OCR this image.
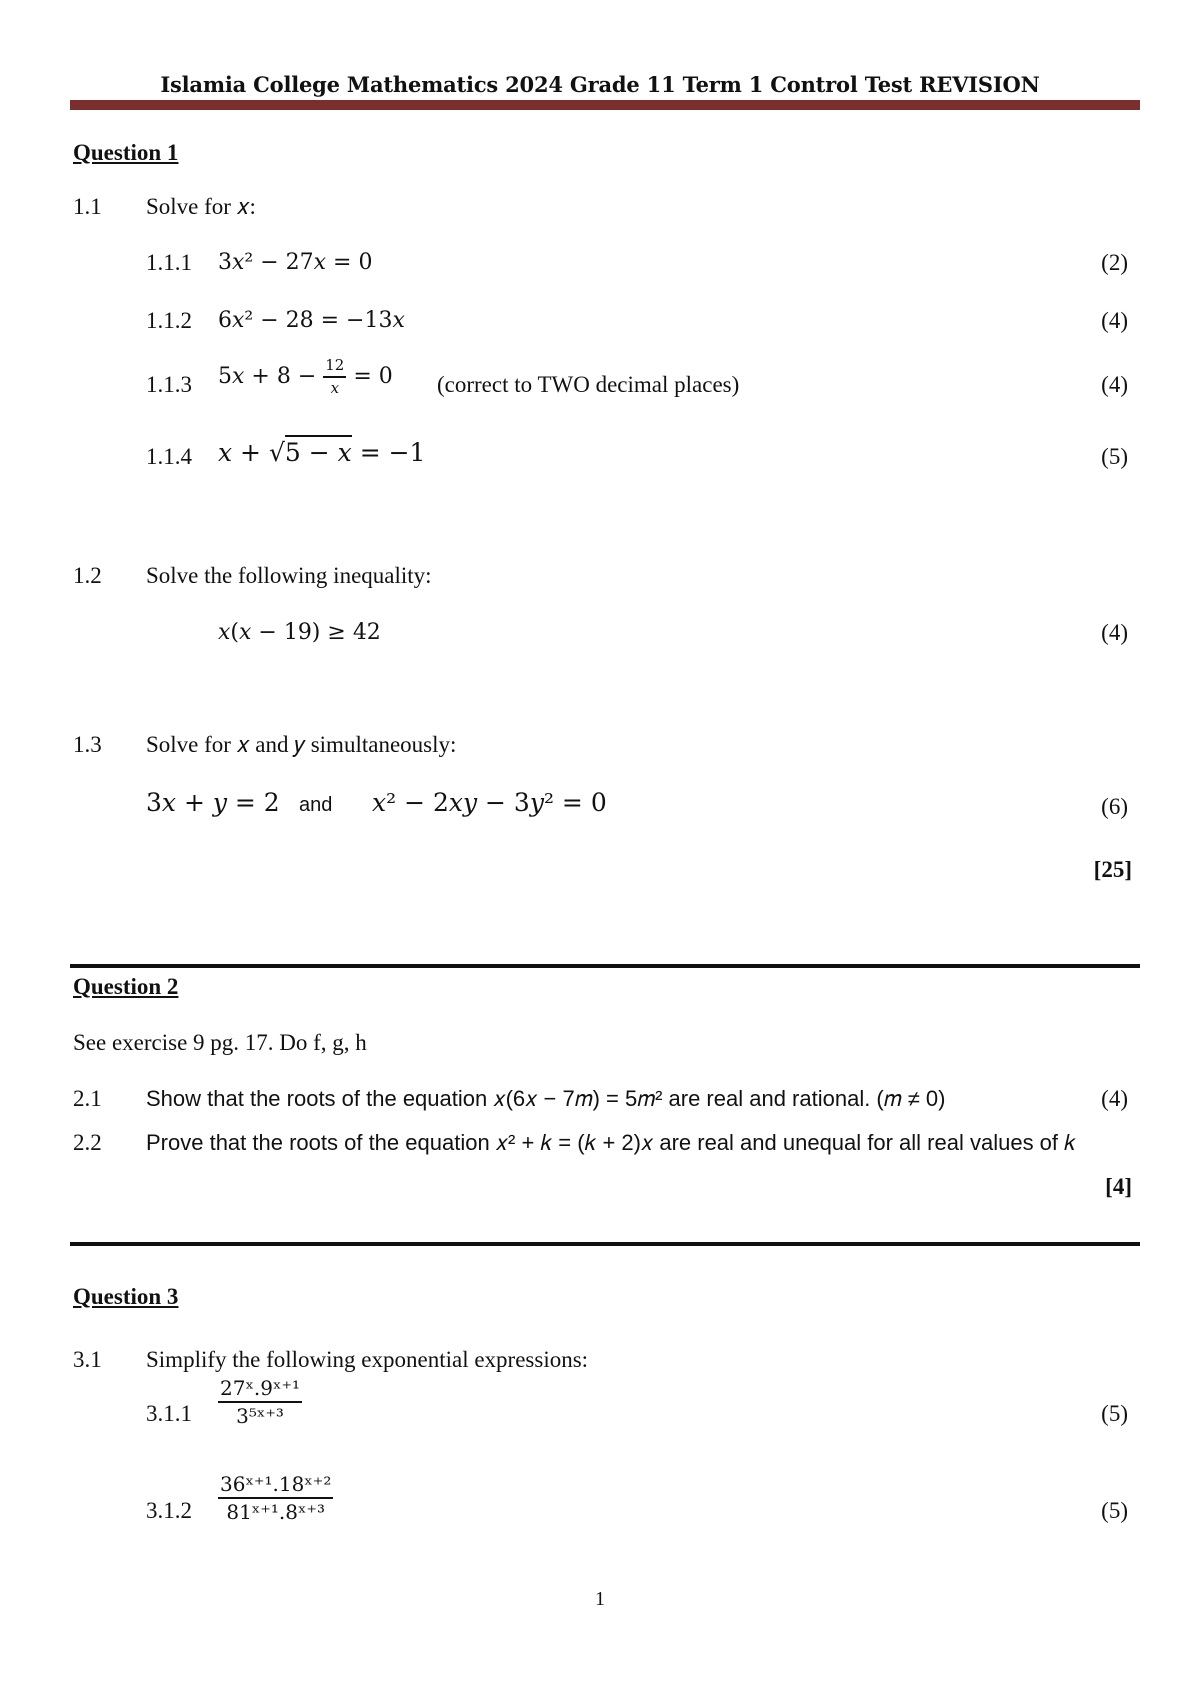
Islamia College Mathematics 2024 Grade 11 Term 1 Control Test REVISION
Question 1
1.1 Solve for 𝑥:
1.1.1 3𝑥² − 27𝑥 = 0	(2)
1.1.2 6𝑥² − 28 = −13𝑥	(4)
1.1.3 5𝑥 + $8 - \frac{12}{\text{𝑥}} = 0$ (correct to TWO decimal places)	(4)
1.1.4 𝑥 + √5 − 𝑥 = −1	(5)
1.2 Solve the following inequality:
𝑥(𝑥 − 19) ≥ 42	(4)
1.3 Solve for 𝑥 and 𝑦 simultaneously:
3𝑥 + 𝑦 = 2 and 𝑥² − 2𝑥𝑦 − 3𝑦² = 0	(6)
[25]
Question 2
See exercise 9 pg. 17. Do f, g, h
2.1 Show that the roots of the equation 𝑥(6𝑥 − 7𝑚) = 5𝑚² are real and rational. (𝑚 ≠ 0)	(4)
2.2 Prove that the roots of the equation 𝑥² + 𝑘 = (𝑘 + 2)𝑥 are real and unequal for all real values of 𝑘
[4]
Question 3
3.1 Simplify the following exponential expressions:
$3.1.1 \frac{\text{27ˣ.9ˣ⁺¹}}{\text{3⁵ˣ⁺³}}$	(5)
$3.1.2 \frac{\text{36ˣ⁺¹.18ˣ⁺²}}{\text{81ˣ⁺¹.8ˣ⁺³}}$	(5)
1
